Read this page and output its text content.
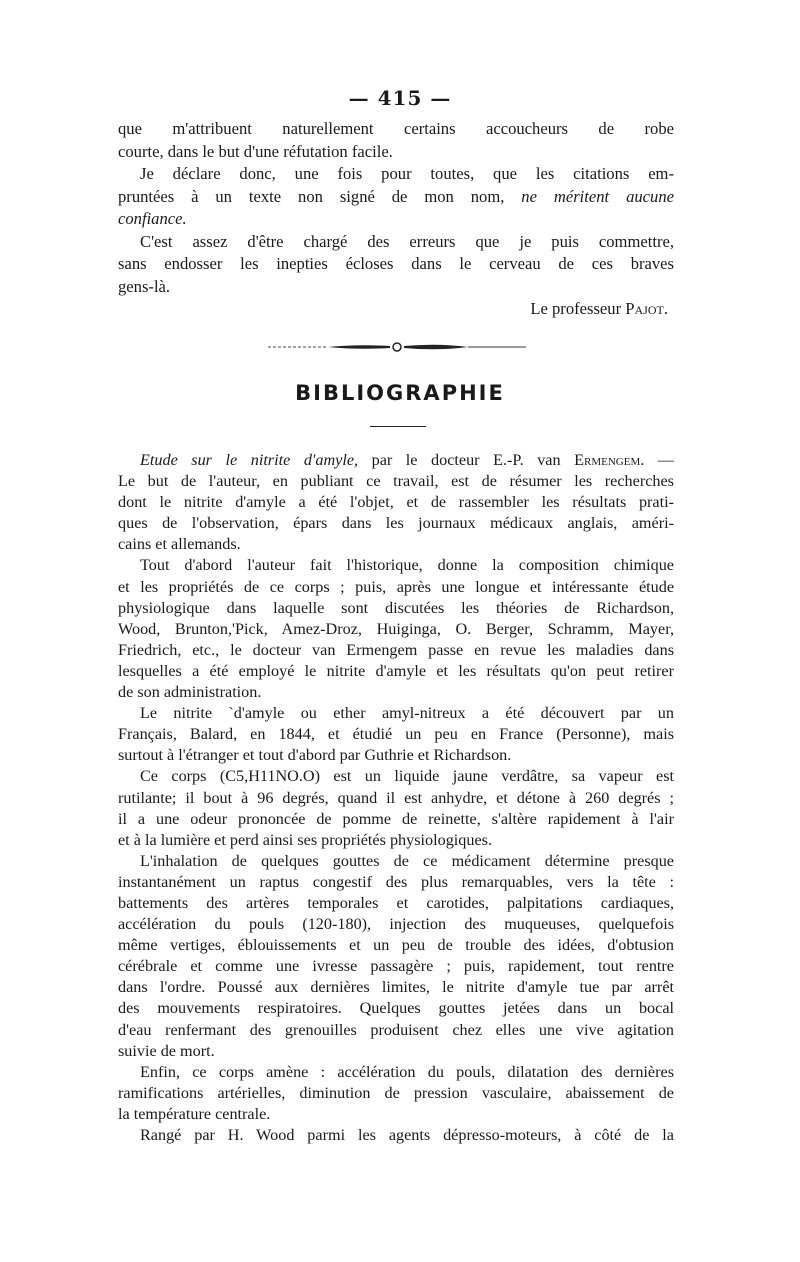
— 415 —
que m'attribuent naturellement certains accoucheurs de robe
courte, dans le but d'une réfutation facile.
Je déclare donc, une fois pour toutes, que les citations em-
pruntées à un texte non signé de mon nom, ne méritent aucune
confiance.
C'est assez d'être chargé des erreurs que je puis commettre,
sans endosser les inepties écloses dans le cerveau de ces braves
gens-là.
Le professeur Pajot.
BIBLIOGRAPHIE
Etude sur le nitrite d'amyle, par le docteur E.-P. van Ermengem. —
Le but de l'auteur, en publiant ce travail, est de résumer les recherches
dont le nitrite d'amyle a été l'objet, et de rassembler les résultats prati-
ques de l'observation, épars dans les journaux médicaux anglais, améri-
cains et allemands.
Tout d'abord l'auteur fait l'historique, donne la composition chimique
et les propriétés de ce corps ; puis, après une longue et intéressante étude
physiologique dans laquelle sont discutées les théories de Richardson,
Wood, Brunton,'Pick, Amez-Droz, Huiginga, O. Berger, Schramm, Mayer,
Friedrich, etc., le docteur van Ermengem passe en revue les maladies dans
lesquelles a été employé le nitrite d'amyle et les résultats qu'on peut retirer
de son administration.
Le nitrite `d'amyle ou ether amyl-nitreux a été découvert par un
Français, Balard, en 1844, et étudié un peu en France (Personne), mais
surtout à l'étranger et tout d'abord par Guthrie et Richardson.
Ce corps (C5,H11NO.O) est un liquide jaune verdâtre, sa vapeur est
rutilante; il bout à 96 degrés, quand il est anhydre, et détone à 260 degrés ;
il a une odeur prononcée de pomme de reinette, s'altère rapidement à l'air
et à la lumière et perd ainsi ses propriétés physiologiques.
L'inhalation de quelques gouttes de ce médicament détermine presque
instantanément un raptus congestif des plus remarquables, vers la tête :
battements des artères temporales et carotides, palpitations cardiaques,
accélération du pouls (120-180), injection des muqueuses, quelquefois
même vertiges, éblouissements et un peu de trouble des idées, d'obtusion
cérébrale et comme une ivresse passagère ; puis, rapidement, tout rentre
dans l'ordre. Poussé aux dernières limites, le nitrite d'amyle tue par arrêt
des mouvements respiratoires. Quelques gouttes jetées dans un bocal
d'eau renfermant des grenouilles produisent chez elles une vive agitation
suivie de mort.
Enfin, ce corps amène : accélération du pouls, dilatation des dernières
ramifications artérielles, diminution de pression vasculaire, abaissement de
la température centrale.
Rangé par H. Wood parmi les agents dépresso-moteurs, à côté de la
